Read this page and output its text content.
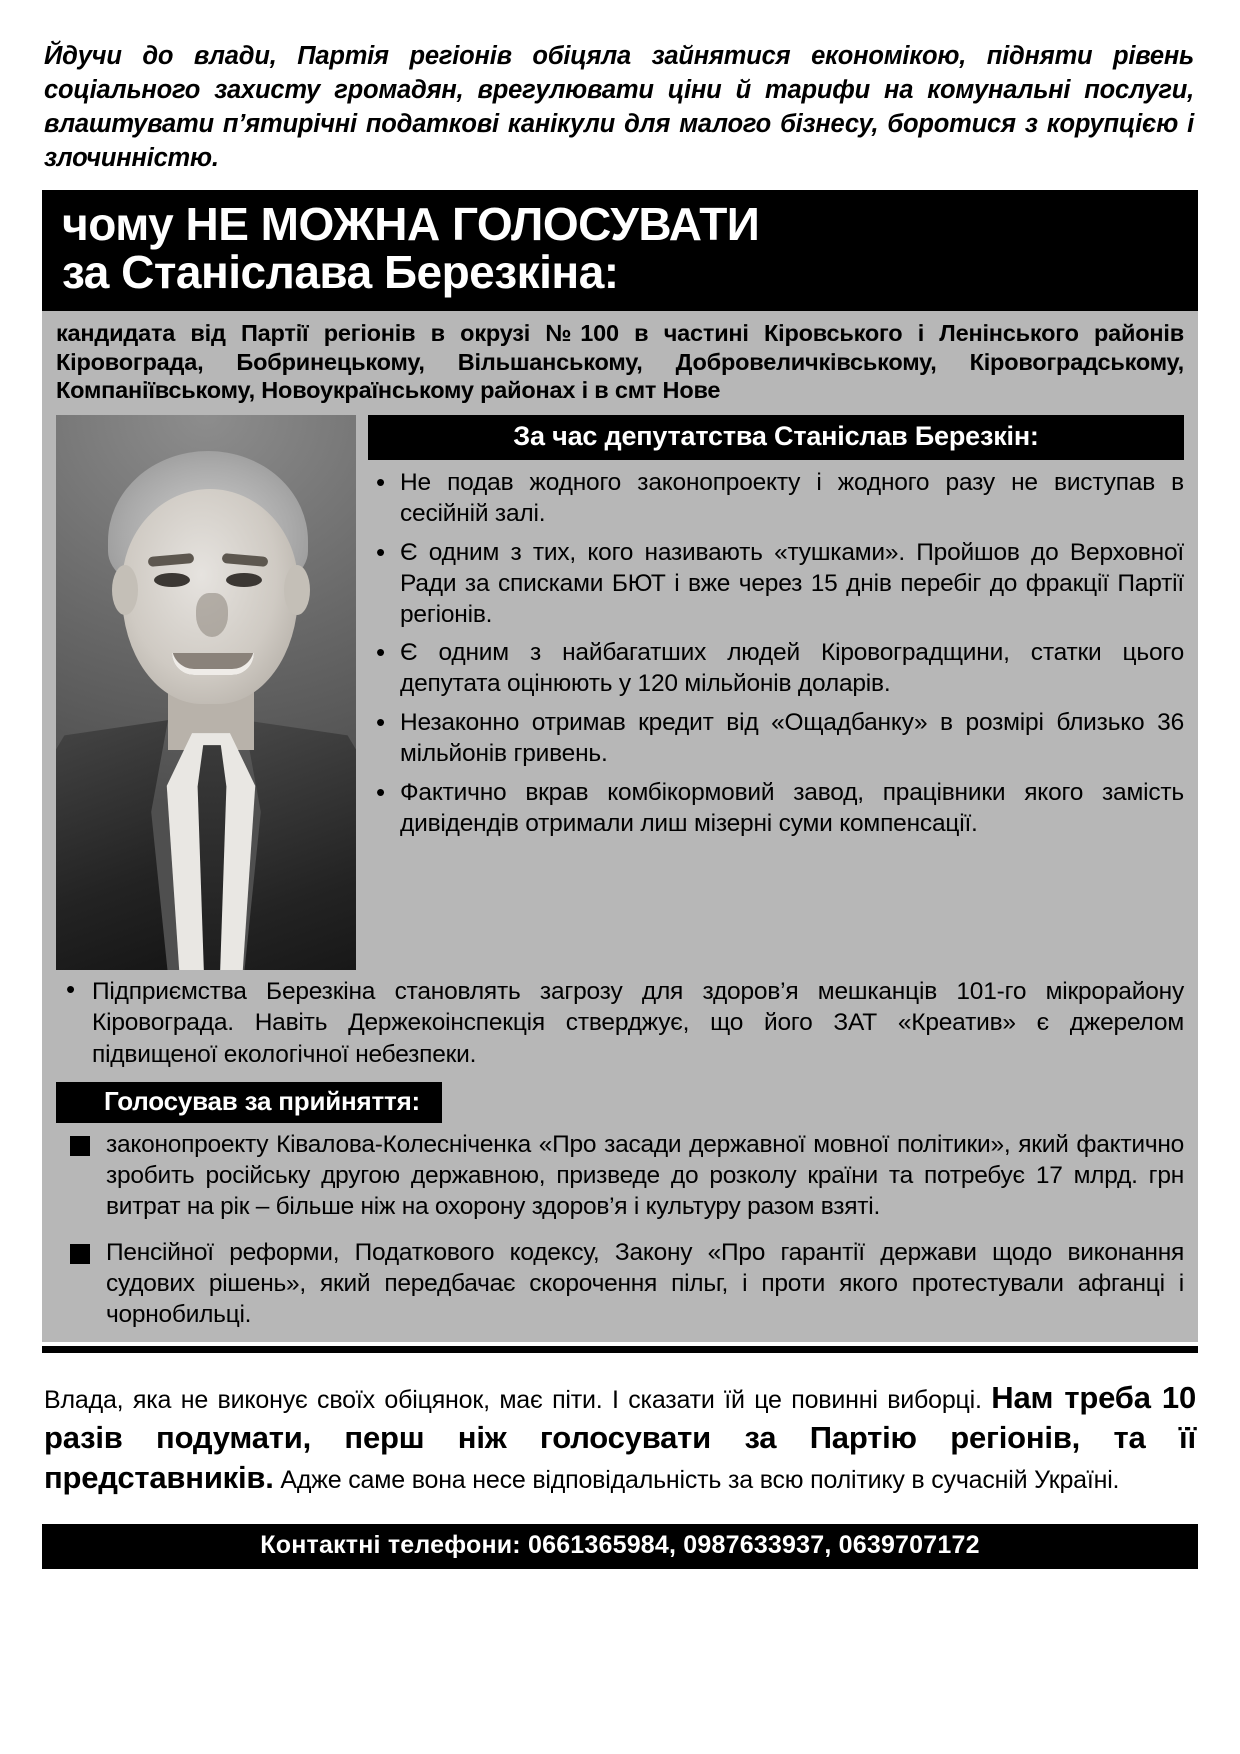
Йдучи до влади, Партія регіонів обіцяла зайнятися економікою, підняти рівень соціального захисту громадян, врегулювати ціни й тарифи на комунальні послуги, влаштувати п’ятирічні податкові канікули для малого бізнесу, боротися з корупцією і злочинністю.

чому НЕ МОЖНА ГОЛОСУВАТИ
за Станіслава Березкіна:
кандидата від Партії регіонів в окрузі №100 в частині Кіровського і Ленінського районів Кіровограда, Бобринецькому, Вільшанському, Добровеличківському, Кіровоградському, Компаніївському, Новоукраїнському районах і в смт Нове
За час депутатства Станіслав Березкін:
• Не подав жодного законопроекту і жодного разу не виступав в сесійній залі.
• Є одним з тих, кого називають «тушками». Пройшов до Верховної Ради за списками БЮТ і вже через 15 днів перебіг до фракції Партії регіонів.
• Є одним з найбагатших людей Кіровоградщини, статки цього депутата оцінюють у 120 мільйонів доларів.
• Незаконно отримав кредит від «Ощадбанку» в розмірі близько 36 мільйонів гривень.
• Фактично вкрав комбікормовий завод, працівники якого замість дивідендів отримали лиш мізерні суми компенсації.
• Підприємства Березкіна становлять загрозу для здоров’я мешканців 101-го мікрорайону Кіровограда. Навіть Держекоінспекція стверджує, що його ЗАТ «Креатив» є джерелом підвищеної екологічної небезпеки.
Голосував за прийняття:
законопроекту Ківалова-Колесніченка «Про засади державної мовної політики», який фактично зробить російську другою державною, призведе до розколу країни та потребує 17 млрд. грн витрат на рік – більше ніж на охорону здоров’я і культуру разом взяті.
Пенсійної реформи, Податкового кодексу, Закону «Про гарантії держави щодо виконання судових рішень», який передбачає скорочення пільг, і проти якого протестували афганці і чорнобильці.

Влада, яка не виконує своїх обіцянок, має піти. І сказати їй це повинні виборці. Нам треба 10 разів подумати, перш ніж голосувати за Партію регіонів, та її представників. Адже саме вона несе відповідальність за всю політику в сучасній Україні.

Контактні телефони: 0661365984, 0987633937, 0639707172
